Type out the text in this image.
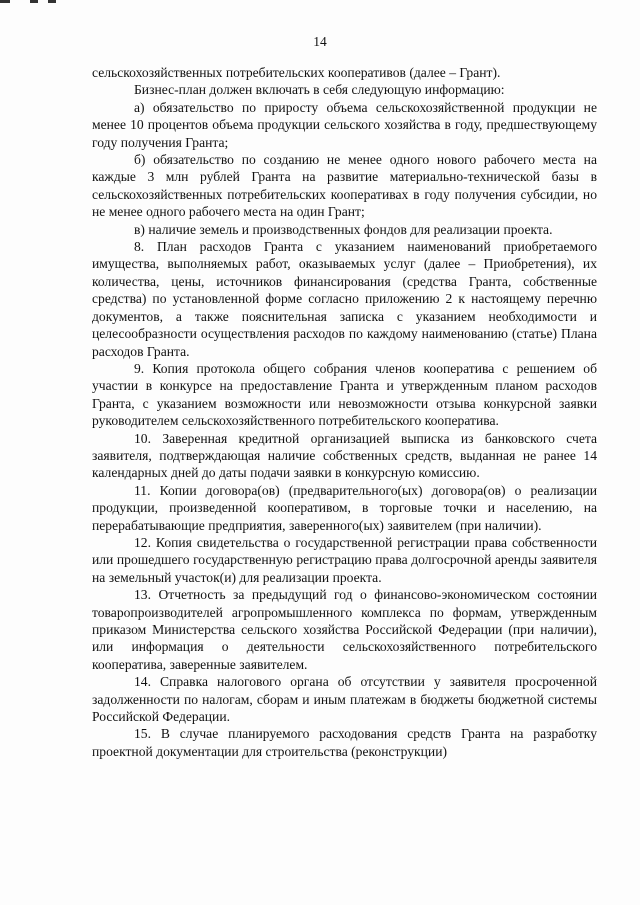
14

сельскохозяйственных потребительских кооперативов (далее – Грант).

Бизнес-план должен включать в себя следующую информацию:

а) обязательство по приросту объема сельскохозяйственной продукции не менее 10 процентов объема продукции сельского хозяйства в году, предшествующему году получения Гранта;

б) обязательство по созданию не менее одного нового рабочего места на каждые 3 млн рублей Гранта на развитие материально-технической базы в сельскохозяйственных потребительских кооперативах в году получения субсидии, но не менее одного рабочего места на один Грант;

в) наличие земель и производственных фондов для реализации проекта.

8. План расходов Гранта с указанием наименований приобретаемого имущества, выполняемых работ, оказываемых услуг (далее – Приобретения), их количества, цены, источников финансирования (средства Гранта, собственные средства) по установленной форме согласно приложению 2 к настоящему перечню документов, а также пояснительная записка с указанием необходимости и целесообразности осуществления расходов по каждому наименованию (статье) Плана расходов Гранта.

9. Копия протокола общего собрания членов кооператива с решением об участии в конкурсе на предоставление Гранта и утвержденным планом расходов Гранта, с указанием возможности или невозможности отзыва конкурсной заявки руководителем сельскохозяйственного потребительского кооператива.

10. Заверенная кредитной организацией выписка из банковского счета заявителя, подтверждающая наличие собственных средств, выданная не ранее 14 календарных дней до даты подачи заявки в конкурсную комиссию.

11. Копии договора(ов) (предварительного(ых) договора(ов) о реализации продукции, произведенной кооперативом, в торговые точки и населению, на перерабатывающие предприятия, заверенного(ых) заявителем (при наличии).

12. Копия свидетельства о государственной регистрации права собственности или прошедшего государственную регистрацию права долгосрочной аренды заявителя на земельный участок(и) для реализации проекта.

13. Отчетность за предыдущий год о финансово-экономическом состоянии товаропроизводителей агропромышленного комплекса по формам, утвержденным приказом Министерства сельского хозяйства Российской Федерации (при наличии), или информация о деятельности сельскохозяйственного потребительского кооператива, заверенные заявителем.

14. Справка налогового органа об отсутствии у заявителя просроченной задолженности по налогам, сборам и иным платежам в бюджеты бюджетной системы Российской Федерации.

15. В случае планируемого расходования средств Гранта на разработку проектной документации для строительства (реконструкции)
